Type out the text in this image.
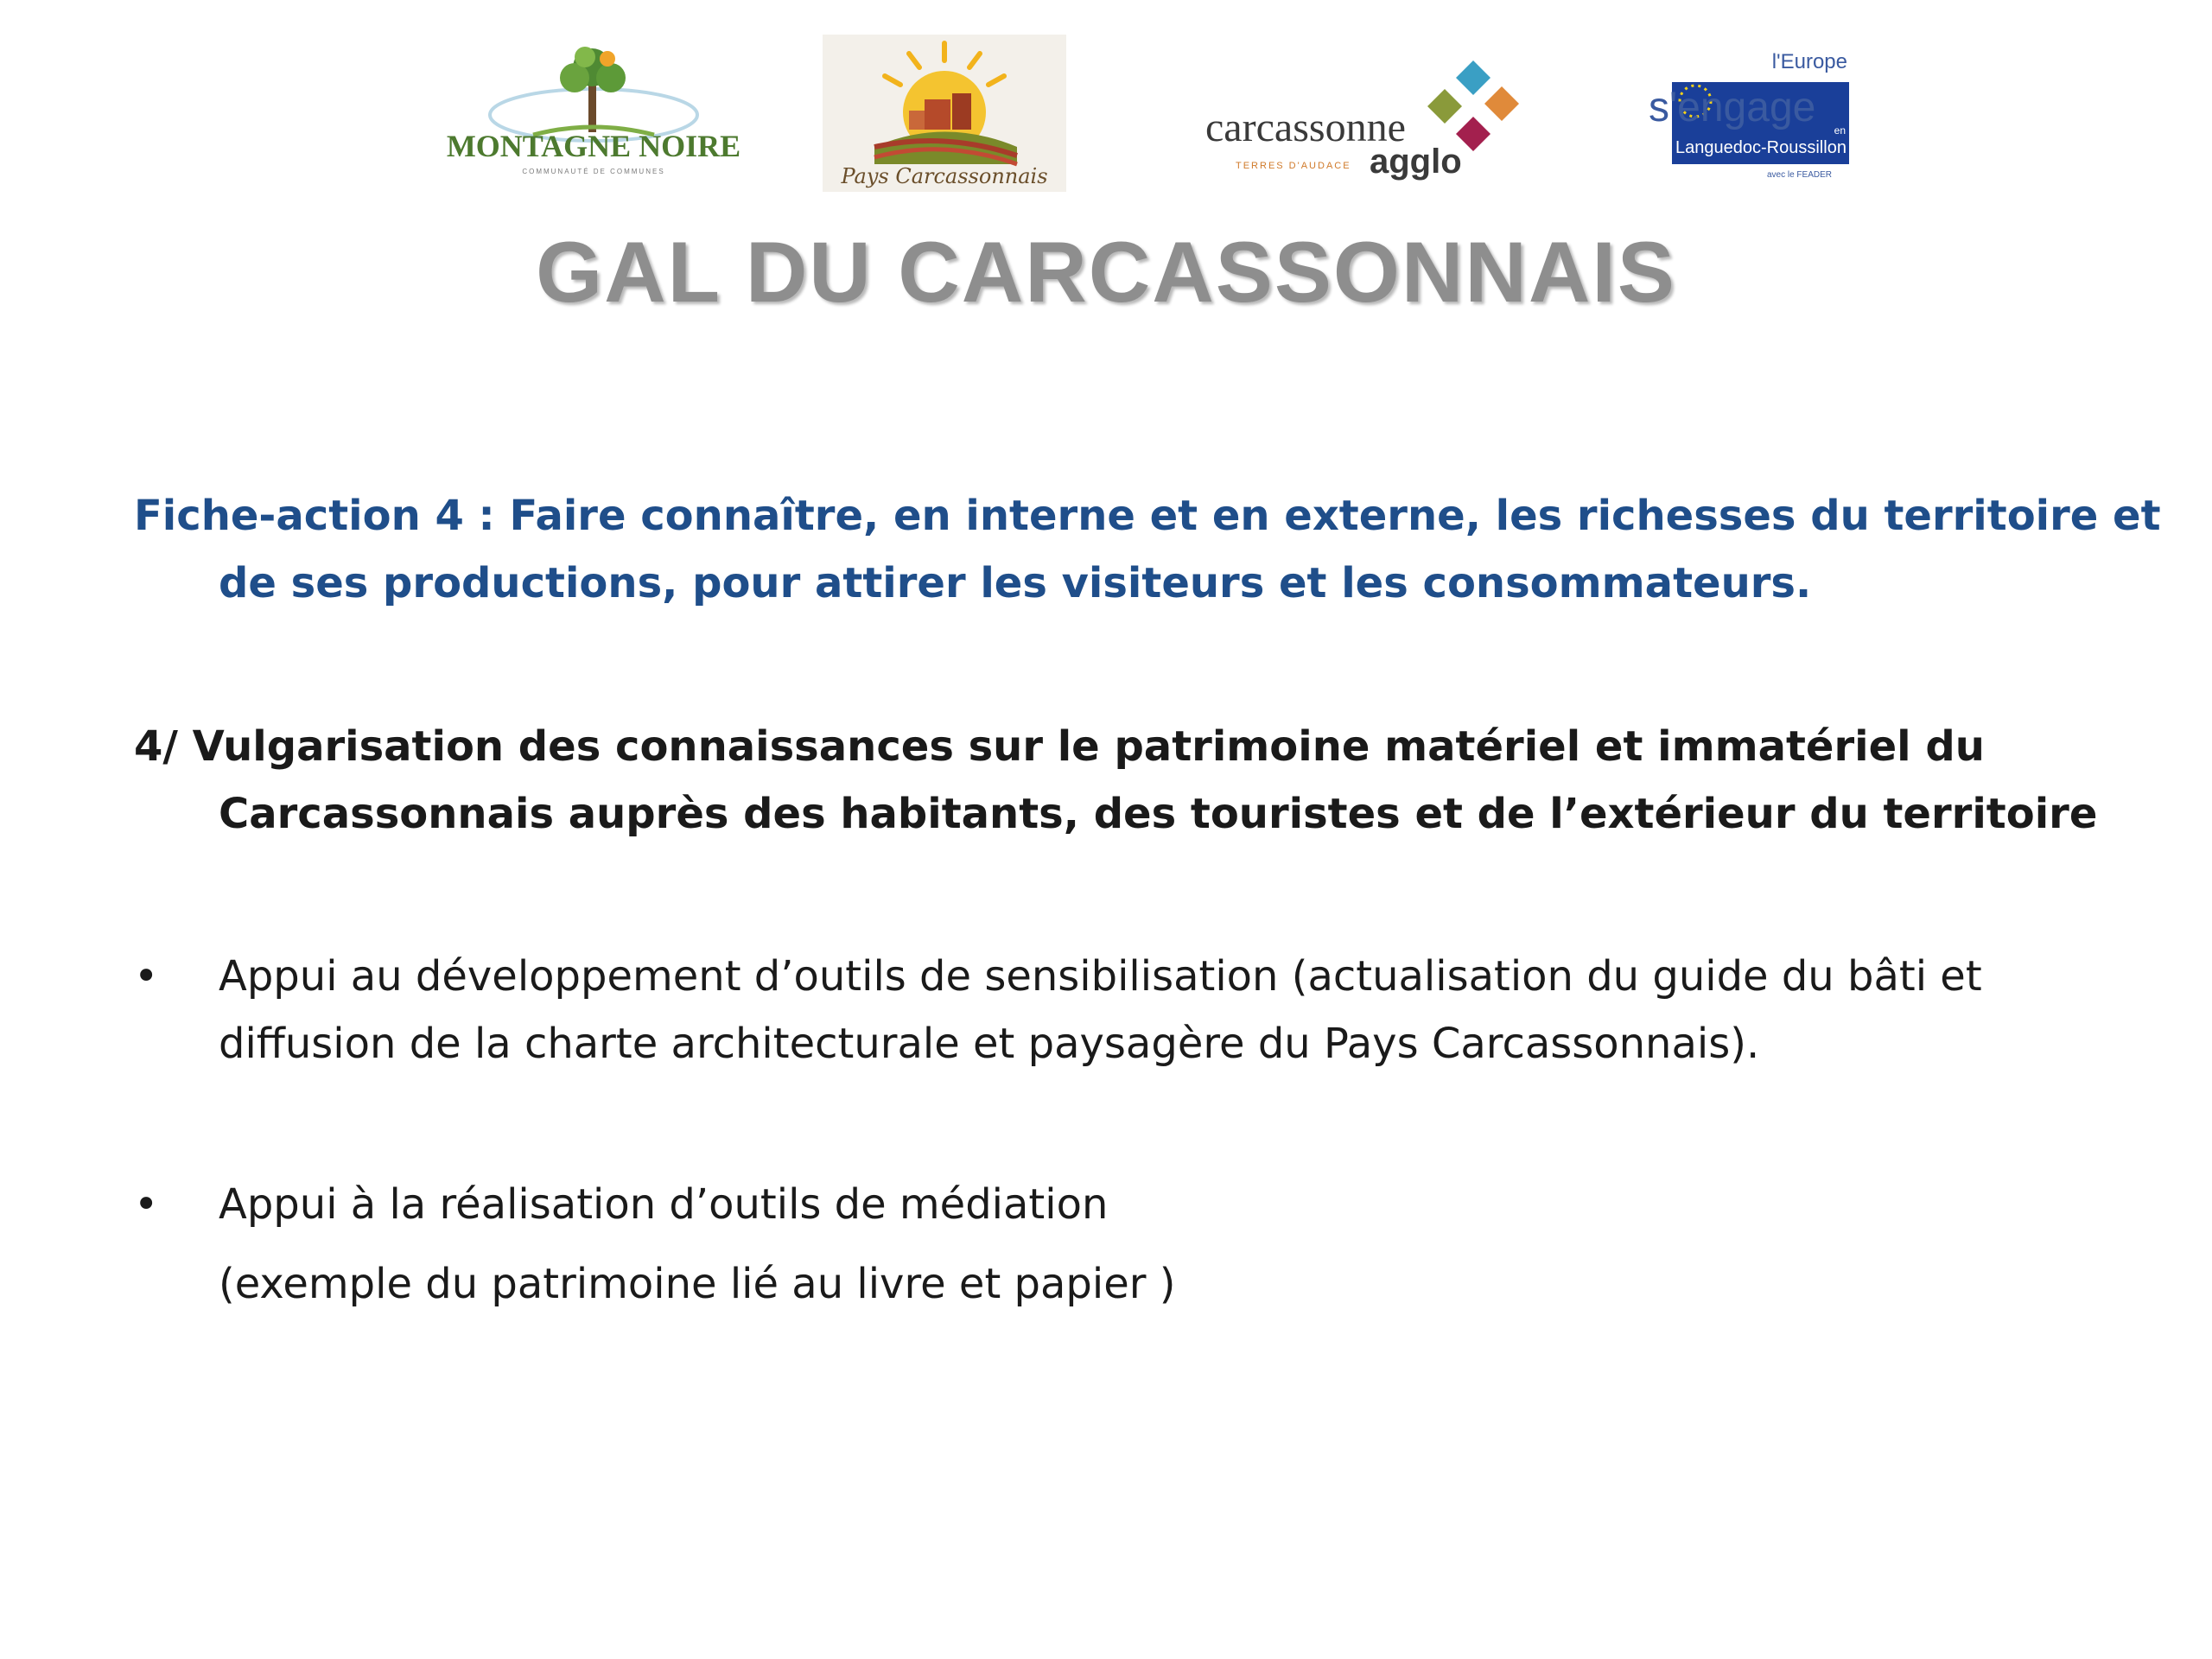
MONTAGNE NOIRE
COMMUNAUTÉ DE COMMUNES	Pays Carcassonnais
carcassonne
TERRES D'AUDACE agglo
l'Europe
s'engage en
Languedoc-Roussillon
avec le FEADER
GAL DU CARCASSONNAIS
Fiche-action 4 : Faire connaître, en interne et en externe, les richesses du territoire et de ses productions, pour attirer les visiteurs et les consommateurs.
4/ Vulgarisation des connaissances sur le patrimoine matériel et immatériel du Carcassonnais auprès des habitants, des touristes et de l’extérieur du territoire
• Appui au développement d’outils de sensibilisation (actualisation du guide du bâti et diffusion de la charte architecturale et paysagère du Pays Carcassonnais).
• Appui à la réalisation d’outils de médiation
(exemple du patrimoine lié au livre et papier )
